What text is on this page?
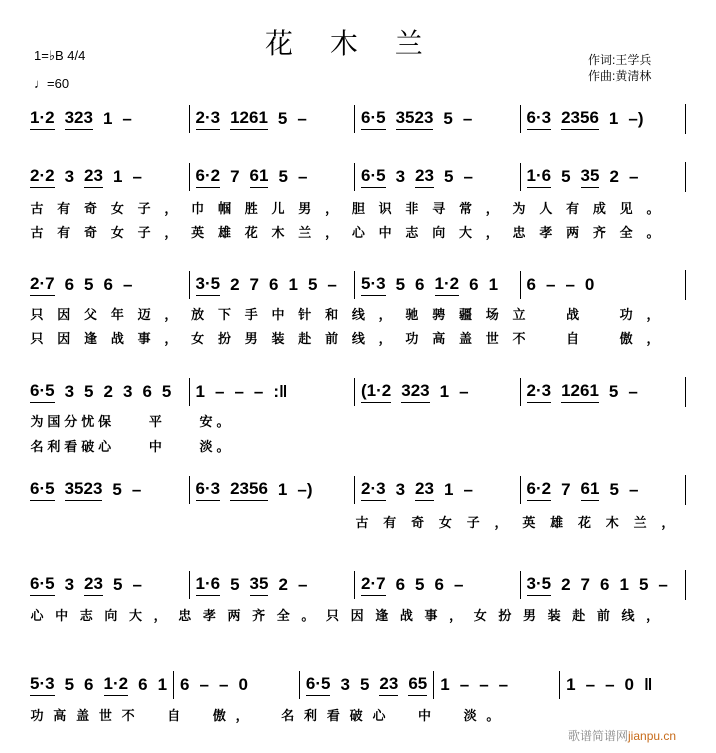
花 木 兰
1=♭B 4/4
♩=60
作词:王学兵
作曲:黄清林
1·2 323 1 –	2·3 1261 5 –	6·5 3523 5 –	6·3 2356 1 –)
2·2 3 23 1 –	6·2 7 61 5 –	6·5 3 23 5 –	1·6 5 35 2 –
古 有 奇 女 子 ， 巾 帼 胜 儿 男 ， 胆 识 非 寻 常 ， 为 人 有 成 见 。
古 有 奇 女 子 ， 英 雄 花 木 兰 ， 心 中 志 向 大 ， 忠 孝 两 齐 全 。
2·7 6 5 6 –	3·5 2 7 6 1 5 – 5·3 5 6 1·2 6 1 6 – – 0
只 因 父 年 迈 ， 放 下 手 中 针 和 线 ， 驰 骋 疆 场 立
	战
	功 ，
只 因 逢 战 事 ， 女 扮 男 装 赴 前 线 ， 功 高 盖 世 不
	自
	傲 ，
6·5 3 5 2 3 6 5 1 – – – :‖	(1·2 323 1 –	2·3 1261 5 –
为 国 分 忧 保

	平

	安 。
名 利 看 破 心

	中

	淡 。
6·5 3523 5 –	6·3 2356 1 –)	2·3 3 23 1 –	6·2 7 61 5 –
古 有 奇 女 子 ， 英 雄 花 木 兰 ，
6·5 3 23 5 –	1·6 5 35 2 –	2·7 6 5 6 –	3·5 2 7 6 1 5 –
心 中 志 向 大 ， 忠 孝 两 齐 全 。 只 因 逢 战 事 ， 女 扮 男 装 赴 前 线 ，
5·3 5 6 1·2 6 1 6 – – 0	6·5 3 5 23 65 1 – – –	1 – – 0 ‖
功 高 盖 世 不
	自
	傲 ，
	名 利 看 破 心
	中
	淡 。
歌谱简谱网jianpu.cn
